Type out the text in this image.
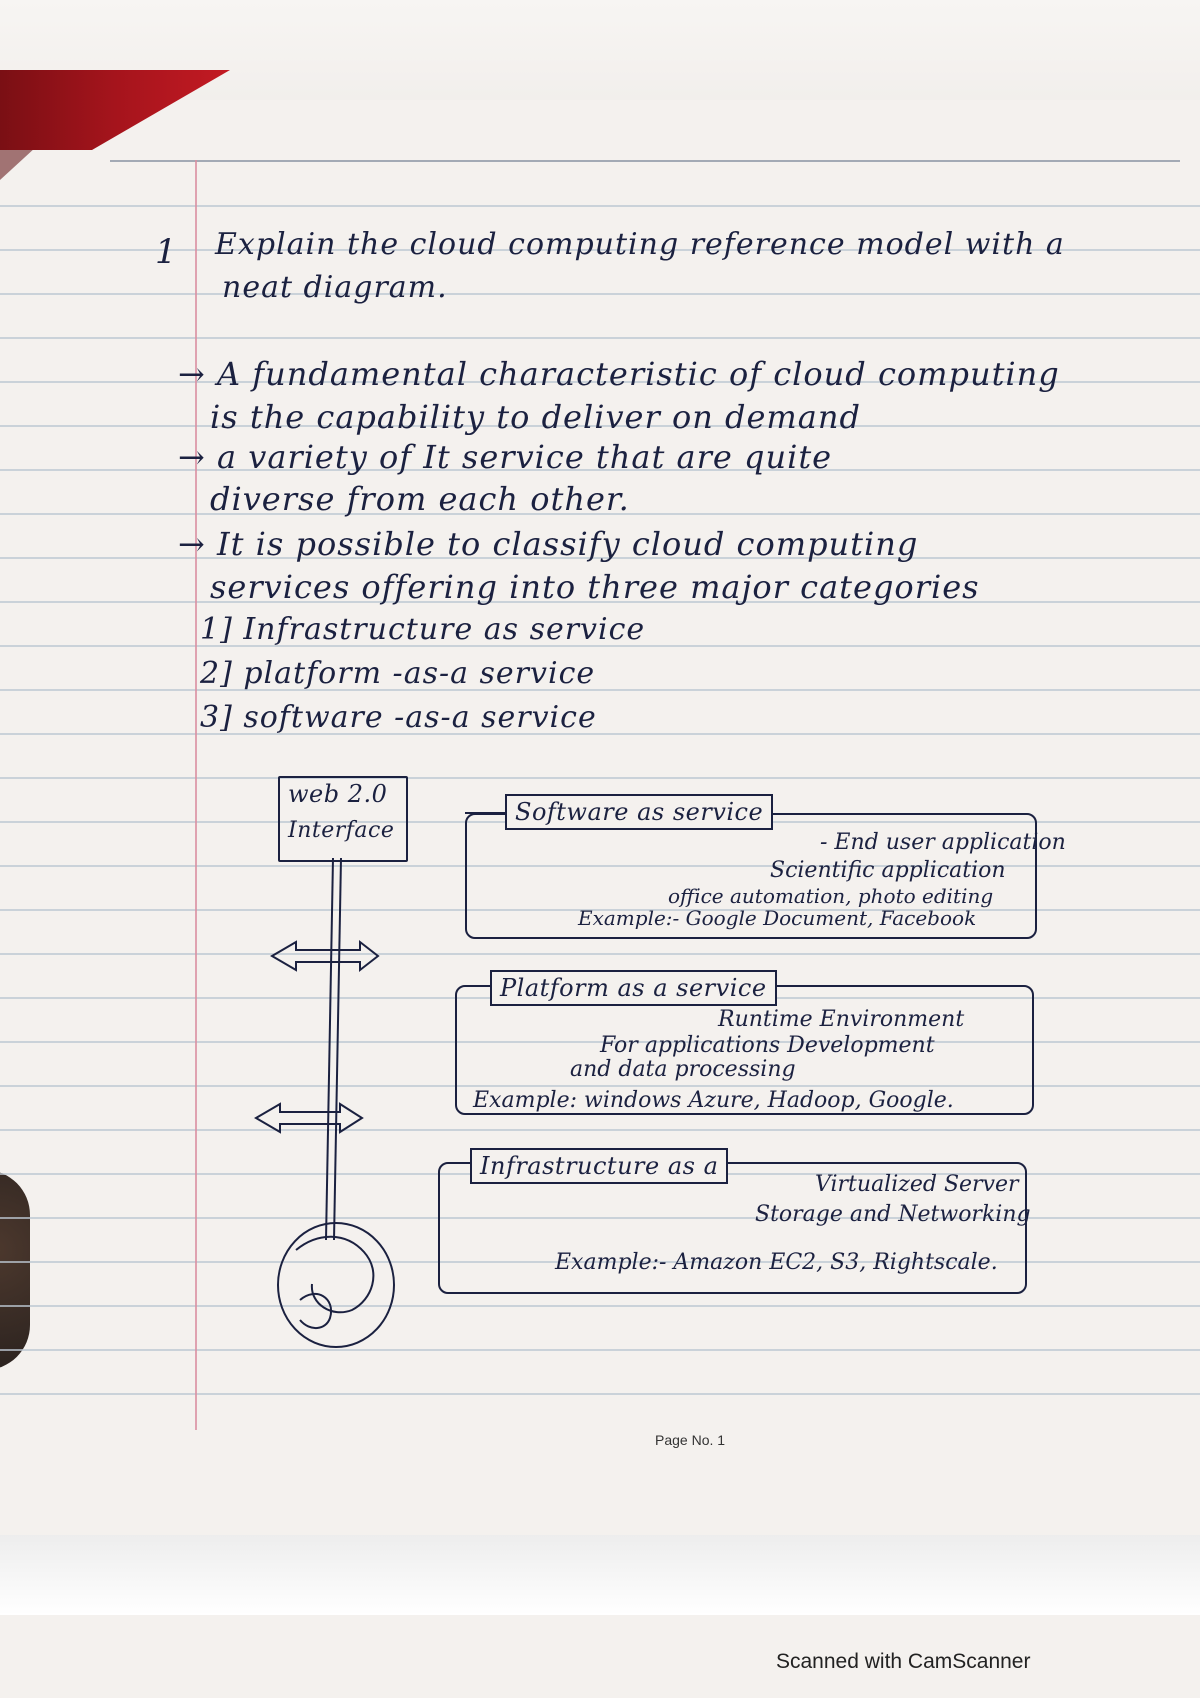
1 Explain the cloud computing reference model with a
neat diagram.
→ A fundamental characteristic of cloud computing
is the capability to deliver on demand
→ a variety of It service that are quite
diverse from each other.
→ It is possible to classify cloud computing
services offering into three major categories
1] Infrastructure as service
2] platform -as-a service
3] software -as-a service
web 2.0
Interface
Software as service
- End user application
Scientific application
office automation, photo editing
Example:- Google Document, Facebook
Platform as a service
Runtime Environment
For applications Development
and data processing
Example: windows Azure, Hadoop, Google.
Infrastructure as a
Virtualized Server
Storage and Networking
Example:- Amazon EC2, S3, Rightscale.
Page No. 1
Scanned with CamScanner
